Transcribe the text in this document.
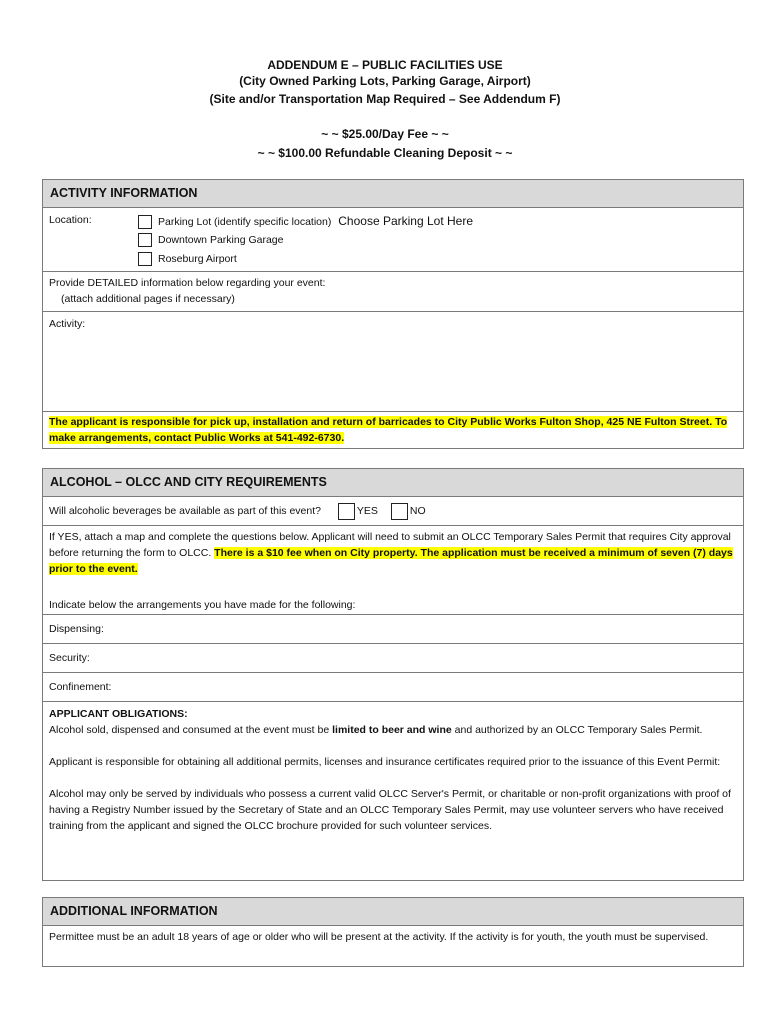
ADDENDUM E – PUBLIC FACILITIES USE
(City Owned Parking Lots, Parking Garage, Airport)
(Site and/or Transportation Map Required – See Addendum F)
~ ~ $25.00/Day Fee ~ ~
~ ~ $100.00 Refundable Cleaning Deposit ~ ~
ACTIVITY INFORMATION
Location:	Parking Lot (identify specific location) Choose Parking Lot Here
Downtown Parking Garage
Roseburg Airport

Provide DETAILED information below regarding your event:

(attach additional pages if necessary)

Activity:
The applicant is responsible for pick up, installation and return of barricades to City Public Works Fulton Shop, 425 NE Fulton Street. To make arrangements, contact Public Works at 541-492-6730.
ALCOHOL – OLCC AND CITY REQUIREMENTS
Will alcoholic beverages be available as part of this event?	YES	NO

If YES, attach a map and complete the questions below. Applicant will need to submit an OLCC Temporary Sales Permit that requires City approval before returning the form to OLCC. There is a $10 fee when on City property. The application must be received a minimum of seven (7) days prior to the event.

Indicate below the arrangements you have made for the following:

Dispensing:
Security:
Confinement:

APPLICANT OBLIGATIONS:

Alcohol sold, dispensed and consumed at the event must be limited to beer and wine and authorized by an OLCC Temporary Sales Permit.

Applicant is responsible for obtaining all additional permits, licenses and insurance certificates required prior to the issuance of this Event Permit:

Alcohol may only be served by individuals who possess a current valid OLCC Server's Permit, or charitable or non-profit organizations with proof of having a Registry Number issued by the Secretary of State and an OLCC Temporary Sales Permit, may use volunteer servers who have received training from the applicant and signed the OLCC brochure provided for such volunteer services.

ADDITIONAL INFORMATION

Permittee must be an adult 18 years of age or older who will be present at the activity. If the activity is for youth, the youth must be supervised.
